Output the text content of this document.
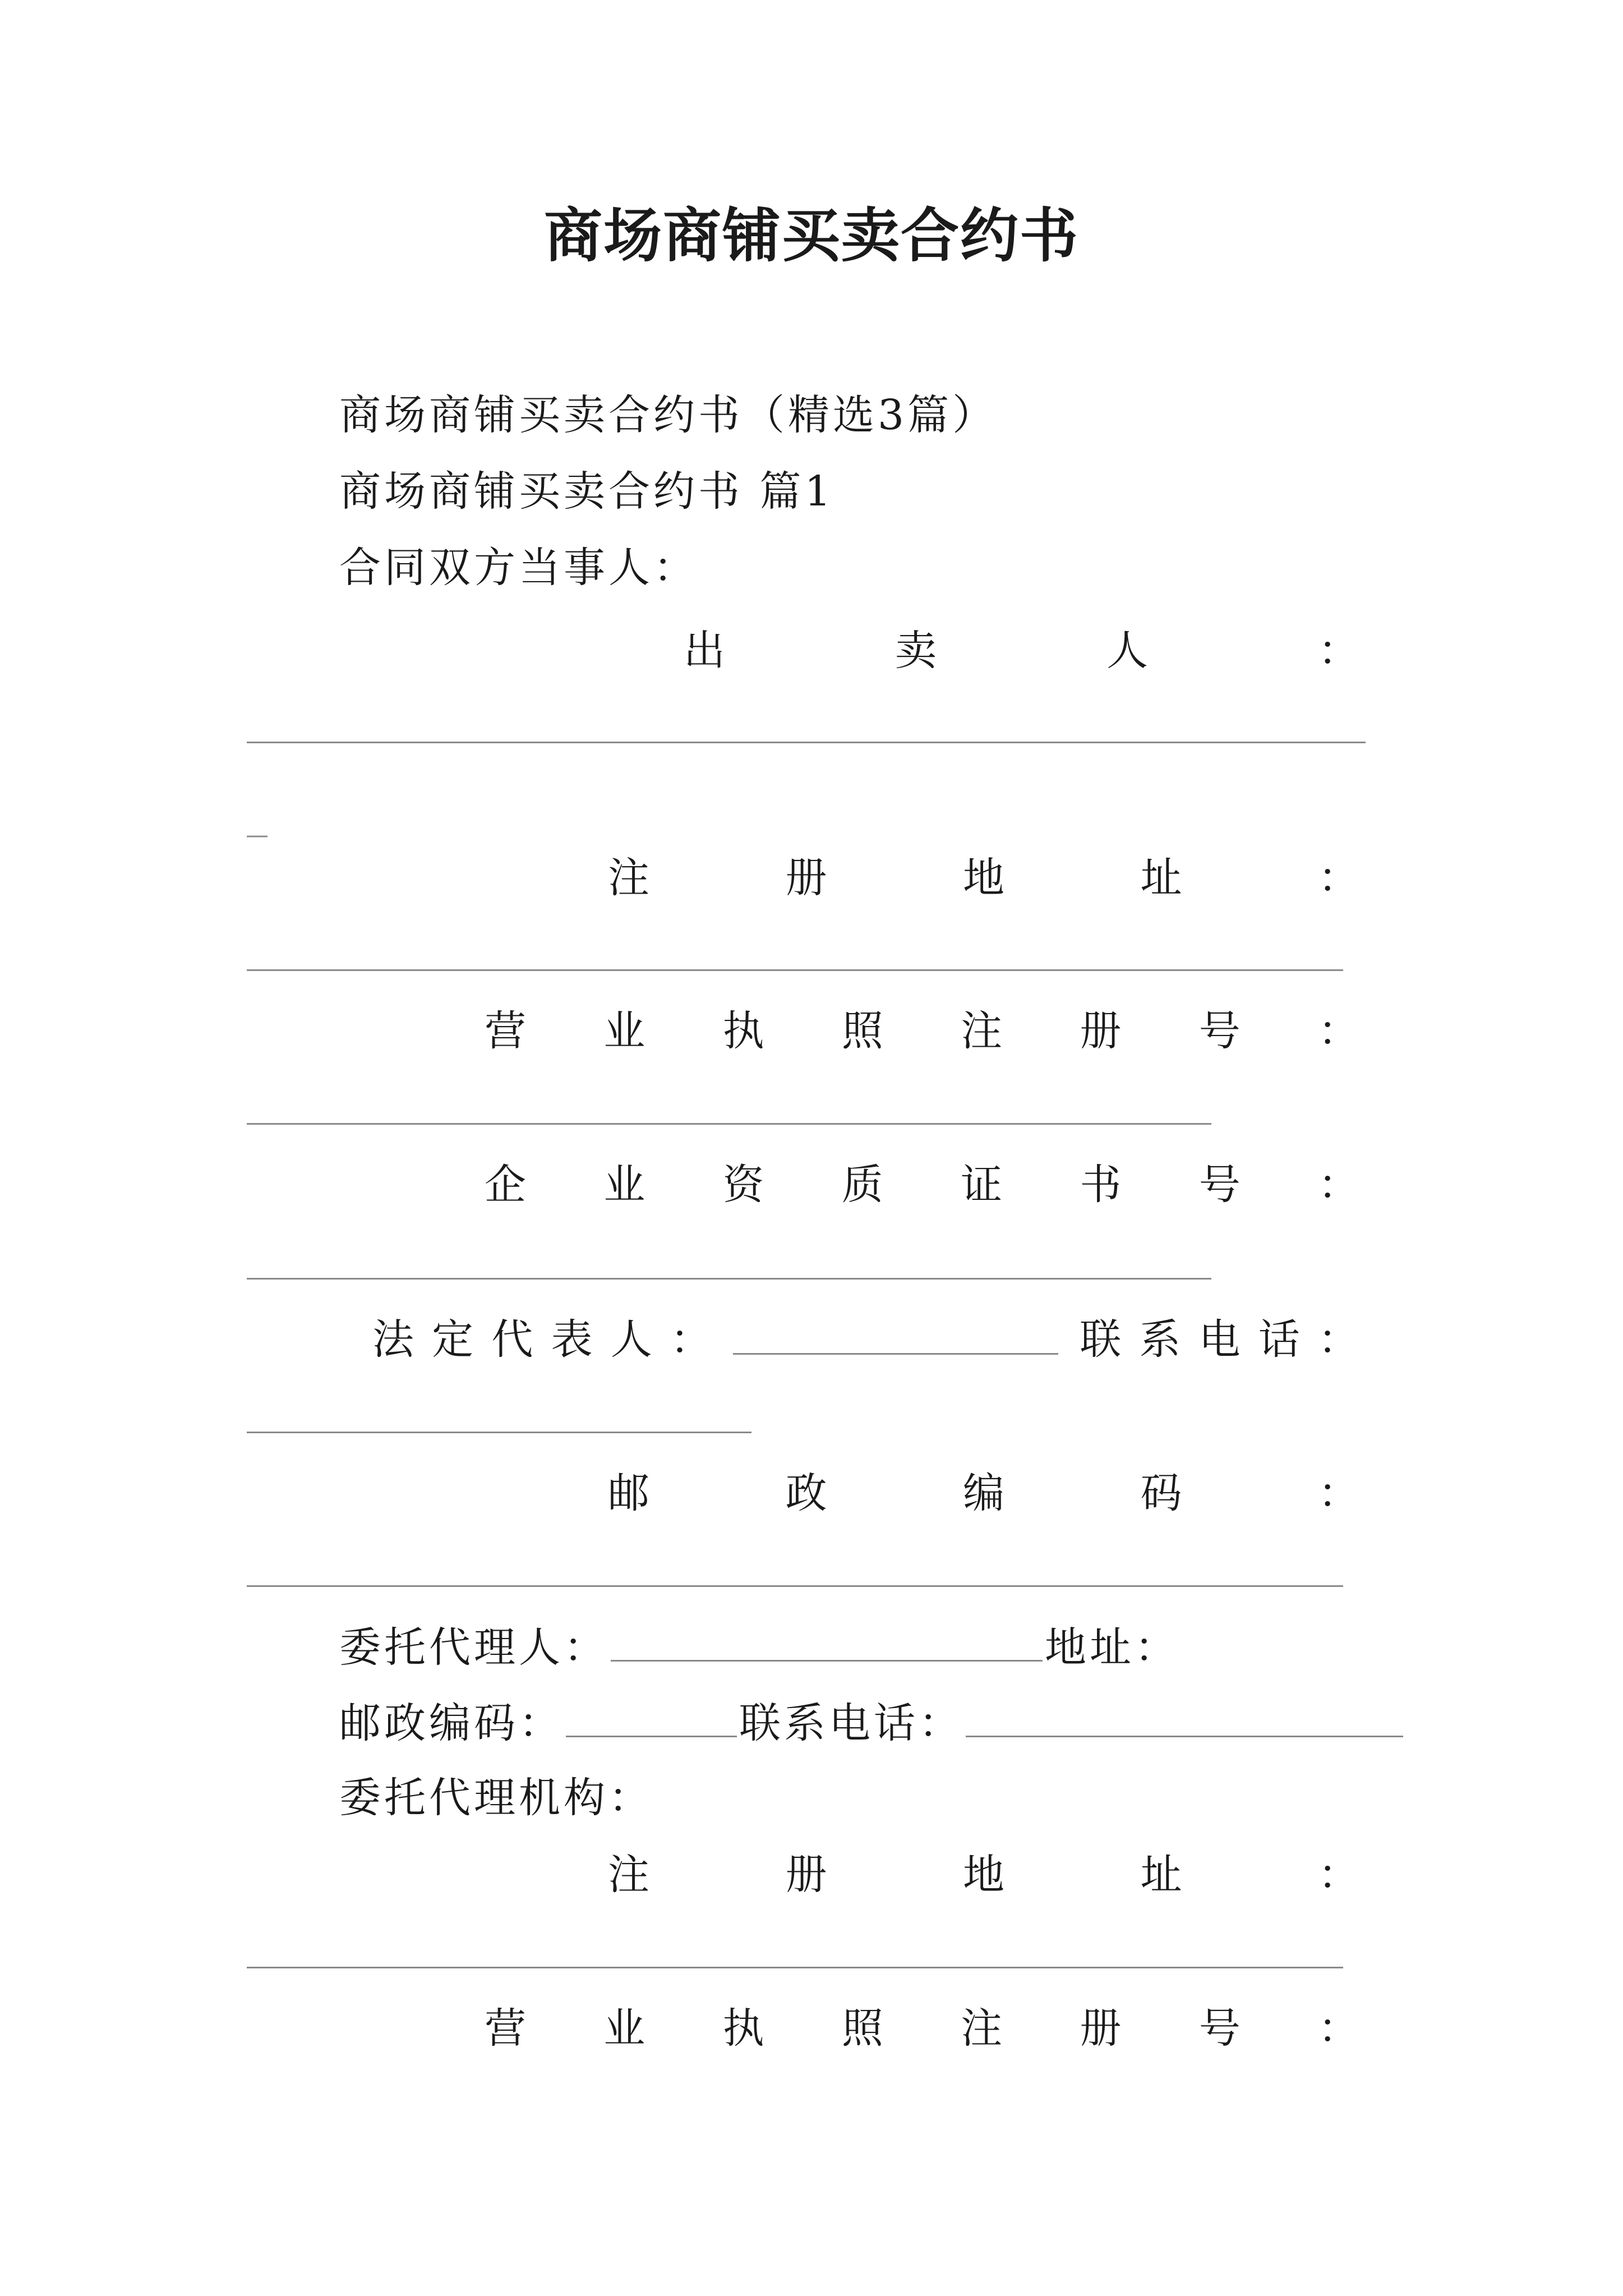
商场商铺买卖合约书
商场商铺买卖合约书（精选3篇）
商场商铺买卖合约书 篇1
合同双方当事人：
出	卖	人	：
_
注	册	地	址	：
营 业 执 照 注 册 号 ：
企 业 资 质 证 书 号 ：
法 定 代 表 人 ：	联 系 电 话 ：
邮	政	编	码	：
委托代理人：	地址：
邮政编码：	联系电话：
委托代理机构：
注	册	地	址	：
营 业 执 照 注 册 号 ：
